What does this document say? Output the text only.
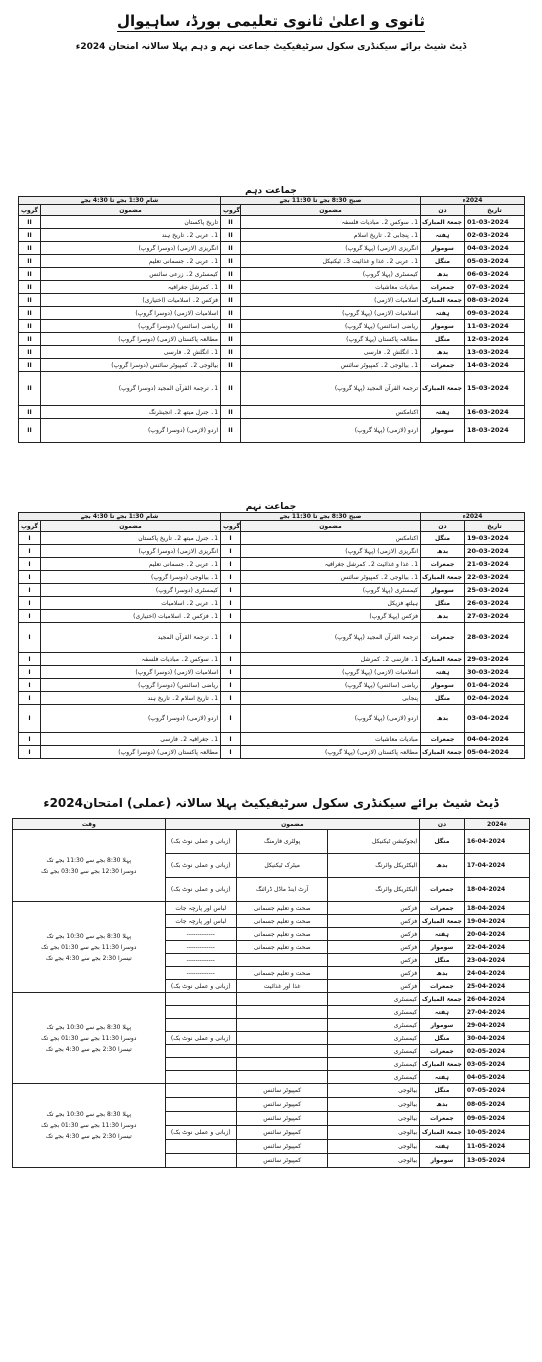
ثانوی و اعلیٰ ثانوی تعلیمی بورڈ، ساہیوال
ڈیٹ شیٹ برائے سیکنڈری سکول سرٹیفیکیٹ جماعت نہم و دہم پہلا سالانہ امتحان 2024ء
جماعت دہم
شام 1:30 بجے تا 4:30 بجے		صبح 8:30 بجے تا 11:30 بجے		2024ء	
گروپ	مضمون	گروپ	مضمون	دن	تاریخ
II	تاریخ پاکستان	II	1۔ سوکس 2۔ مبادیات فلسفہ	جمعۃ المبارک	01-03-2024
II	1۔ عربی 2۔ تاریخ ہند	II	1۔ پنجابی 2۔ تاریخ اسلام	ہفتہ	02-03-2024
II	انگریزی (لازمی) (دوسرا گروپ)	II	انگریزی (لازمی) (پہلا گروپ)	سوموار	04-03-2024
II	1۔ عربی 2۔ جسمانی تعلیم	II	1۔ عربی 2۔ غذا و غذائیت 3۔ ٹیکنیکل	منگل	05-03-2024
II	کیمسٹری 2۔ زرعی سائنس	II	کیمسٹری (پہلا گروپ)	بدھ	06-03-2024
II	1۔ کمرشل جغرافیہ	II	مبادیات معاشیات	جمعرات	07-03-2024
II	فزکس 2۔ اسلامیات (اختیاری)	II	اسلامیات (لازمی)	جمعۃ المبارک	08-03-2024
II	اسلامیات (لازمی) (دوسرا گروپ)	II	اسلامیات (لازمی) (پہلا گروپ)	ہفتہ	09-03-2024
II	ریاضی (سائنس) (دوسرا گروپ)	II	ریاضی (سائنس) (پہلا گروپ)	سوموار	11-03-2024
II	مطالعہ پاکستان (لازمی) (دوسرا گروپ)	II	مطالعہ پاکستان (پہلا گروپ)	منگل	12-03-2024
II	1۔ انگلش 2۔ فارسی	II	1۔ انگلش 2۔ فارسی	بدھ	13-03-2024
II	بیالوجی 2۔ کمپیوٹر سائنس (دوسرا گروپ)	II	1۔ بیالوجی 2۔ کمپیوٹر سائنس	جمعرات	14-03-2024
II	1۔ ترجمۃ القرآن المجید (دوسرا گروپ)	II	ترجمۃ القرآن المجید (پہلا گروپ)	جمعۃ المبارک	15-03-2024
II	1۔ جنرل میتھ 2۔ انجینئرنگ	II	اکنامکس	ہفتہ	16-03-2024
II	اردو (لازمی) (دوسرا گروپ)	II	اردو (لازمی) (پہلا گروپ)	سوموار	18-03-2024
جماعت نہم
شام 1:30 بجے تا 4:30 بجے		صبح 8:30 بجے تا 11:30 بجے		2024ء	
گروپ	مضمون	گروپ	مضمون	دن	تاریخ
I	1۔ جنرل میتھ 2۔ تاریخ پاکستان	I	اکنامکس	منگل	19-03-2024
I	انگریزی (لازمی) (دوسرا گروپ)	I	انگریزی (لازمی) (پہلا گروپ)	بدھ	20-03-2024
I	1۔ عربی 2۔ جسمانی تعلیم	I	1۔ غذا و غذائیت 2۔ کمرشل جغرافیہ	جمعرات	21-03-2024
I	1۔ بیالوجی (دوسرا گروپ)	I	1۔ بیالوجی 2۔ کمپیوٹر سائنس	جمعۃ المبارک	22-03-2024
I	کیمسٹری (دوسرا گروپ)	I	کیمسٹری (پہلا گروپ)	سوموار	25-03-2024
I	1۔ عربی 2۔ اسلامیات	I	ہیلتھ فزیکل	منگل	26-03-2024
I	1۔ فزکس 2۔ اسلامیات (اختیاری)	I	فزکس (پہلا گروپ)	بدھ	27-03-2024
I	1۔ ترجمۃ القرآن المجید	I	ترجمۃ القرآن المجید (پہلا گروپ)	جمعرات	28-03-2024
I	1۔ سوکس 2۔ مبادیات فلسفہ	I	1۔ فارسی 2۔ کمرشل	جمعۃ المبارک	29-03-2024
I	اسلامیات (لازمی) (دوسرا گروپ)	I	اسلامیات (لازمی) (پہلا گروپ)	ہفتہ	30-03-2024
I	ریاضی (سائنس) (دوسرا گروپ)	I	ریاضی (سائنس) (پہلا گروپ)	سوموار	01-04-2024
I	1۔ تاریخ اسلام 2۔ تاریخ ہند	I	پنجابی	منگل	02-04-2024
I	اردو (لازمی) (دوسرا گروپ)	I	اردو (لازمی) (پہلا گروپ)	بدھ	03-04-2024
I	1۔ جغرافیہ 2۔ فارسی	I	مبادیات معاشیات	جمعرات	04-04-2024
I	مطالعہ پاکستان (لازمی) (دوسرا گروپ)	I	مطالعہ پاکستان (لازمی) (پہلا گروپ)	جمعۃ المبارک	05-04-2024
ڈیٹ شیٹ برائے سیکنڈری سکول سرٹیفیکیٹ پہلا سالانہ (عملی) امتحان2024ء
وقت	مضمون			دن	2024ء

پہلا 8:30 بجے سے 11:30 بجے تک
دوسرا 12:30 بجے سے 03:30 بجے تک	(زبانی و عملی نوٹ بک)	پولٹری فارمنگ	ایجوکیشن ٹیکنیکل	منگل	16-04-2024
	(زبانی و عملی نوٹ بک)	میٹرک ٹیکنیکل	الیکٹریکل وائرنگ	بدھ	17-04-2024
	(زبانی و عملی نوٹ بک)	آرٹ اینڈ ماڈل ڈرائنگ	الیکٹریکل وائرنگ	جمعرات	18-04-2024

پہلا 8:30 بجے سے 10:30 بجے تک
دوسرا 11:30 بجے سے 01:30 بجے تک
تیسرا 2:30 بجے سے 4:30 بجے تک	لباس اور پارچہ جات	صحت و تعلیم جسمانی	فزکس	جمعرات	18-04-2024
	لباس اور پارچہ جات	صحت و تعلیم جسمانی	فزکس	جمعۃ المبارک	19-04-2024
	-------------	صحت و تعلیم جسمانی	فزکس	ہفتہ	20-04-2024
	-------------	صحت و تعلیم جسمانی	فزکس	سوموار	22-04-2024
	-------------		فزکس	منگل	23-04-2024
	-------------	صحت و تعلیم جسمانی	فزکس	بدھ	24-04-2024
	(زبانی و عملی نوٹ بک)	غذا اور غذائیت	فزکس	جمعرات	25-04-2024

پہلا 8:30 بجے سے 10:30 بجے تک
دوسرا 11:30 بجے سے 01:30 بجے تک
تیسرا 2:30 بجے سے 4:30 بجے تک			کیمسٹری	جمعۃ المبارک	26-04-2024
			کیمسٹری	ہفتہ	27-04-2024
			کیمسٹری	سوموار	29-04-2024
	(زبانی و عملی نوٹ بک)		کیمسٹری	منگل	30-04-2024
			کیمسٹری	جمعرات	02-05-2024
			کیمسٹری	جمعۃ المبارک	03-05-2024
			کیمسٹری	ہفتہ	04-05-2024

پہلا 8:30 بجے سے 10:30 بجے تک
دوسرا 11:30 بجے سے 01:30 بجے تک
تیسرا 2:30 بجے سے 4:30 بجے تک		کمپیوٹر سائنس	بیالوجی	منگل	07-05-2024
		کمپیوٹر سائنس	بیالوجی	بدھ	08-05-2024
		کمپیوٹر سائنس	بیالوجی	جمعرات	09-05-2024
	(زبانی و عملی نوٹ بک)	کمپیوٹر سائنس	بیالوجی	جمعۃ المبارک	10-05-2024
		کمپیوٹر سائنس	بیالوجی	ہفتہ	11-05-2024
		کمپیوٹر سائنس	بیالوجی	سوموار	13-05-2024
